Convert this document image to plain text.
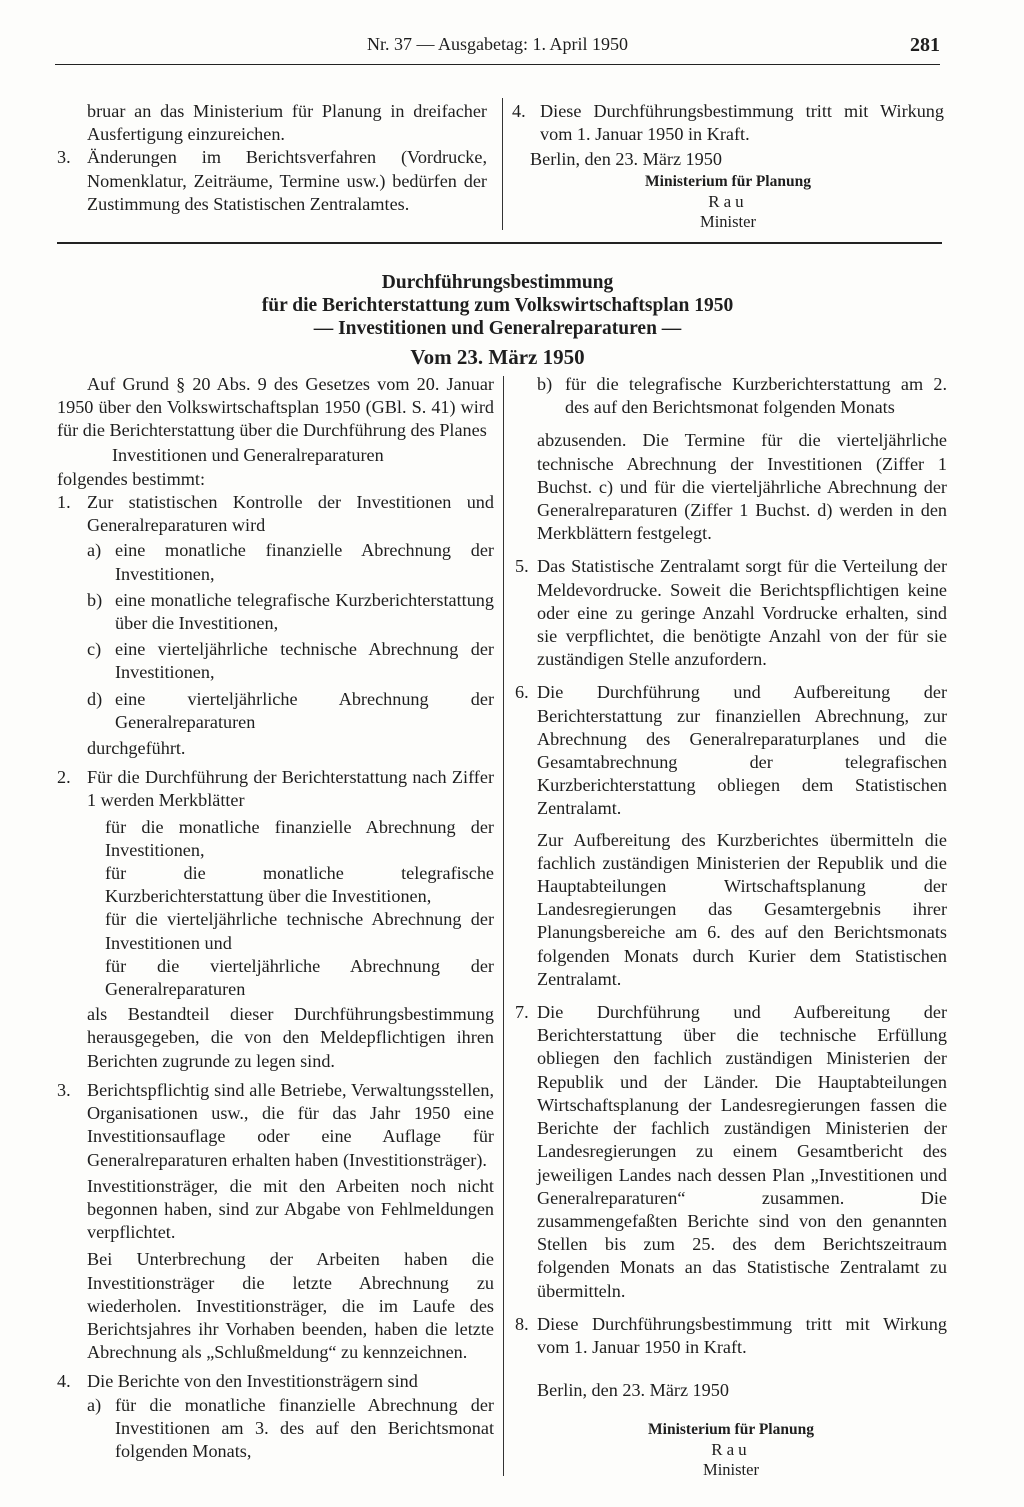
Nr. 37 — Ausgabetag: 1. April 1950	281

bruar an das Ministerium für Planung in dreifacher Ausfertigung einzureichen.

3. Änderungen im Berichtsverfahren (Vordrucke, Nomenklatur, Zeiträume, Termine usw.) bedürfen der Zustimmung des Statistischen Zentralamtes.
4. Diese Durchführungsbestimmung tritt mit Wirkung vom 1. Januar 1950 in Kraft.

Berlin, den 23. März 1950

Ministerium für Planung
Rau
Minister
Durchführungsbestimmung
für die Berichterstattung zum Volkswirtschaftsplan 1950
— Investitionen und Generalreparaturen —
Vom 23. März 1950

Auf Grund § 20 Abs. 9 des Gesetzes vom 20. Januar 1950 über den Volkswirtschaftsplan 1950 (GBl. S. 41) wird für die Berichterstattung über die Durchführung des Planes

Investitionen und Generalreparaturen

folgendes bestimmt:

1. Zur statistischen Kontrolle der Investitionen und Generalreparaturen wird
a) eine monatliche finanzielle Abrechnung der Investitionen,
b) eine monatliche telegrafische Kurzberichterstattung über die Investitionen,
c) eine vierteljährliche technische Abrechnung der Investitionen,
d) eine vierteljährliche Abrechnung der Generalreparaturen

durchgeführt.

2. Für die Durchführung der Berichterstattung nach Ziffer 1 werden Merkblätter

für die monatliche finanzielle Abrechnung der Investitionen,

für die monatliche telegrafische Kurzberichterstattung über die Investitionen,

für die vierteljährliche technische Abrechnung der Investitionen und

für die vierteljährliche Abrechnung der Generalreparaturen

als Bestandteil dieser Durchführungsbestimmung herausgegeben, die von den Meldepflichtigen ihren Berichten zugrunde zu legen sind.

3. Berichtspflichtig sind alle Betriebe, Verwaltungsstellen, Organisationen usw., die für das Jahr 1950 eine Investitionsauflage oder eine Auflage für Generalreparaturen erhalten haben (Investitionsträger).

Investitionsträger, die mit den Arbeiten noch nicht begonnen haben, sind zur Abgabe von Fehlmeldungen verpflichtet.

Bei Unterbrechung der Arbeiten haben die Investitionsträger die letzte Abrechnung zu wiederholen. Investitionsträger, die im Laufe des Berichtsjahres ihr Vorhaben beenden, haben die letzte Abrechnung als „Schlußmeldung“ zu kennzeichnen.

4. Die Berichte von den Investitionsträgern sind
a) für die monatliche finanzielle Abrechnung der Investitionen am 3. des auf den Berichtsmonat folgenden Monats,
b) für die telegrafische Kurzberichterstattung am 2. des auf den Berichtsmonat folgenden Monats

abzusenden. Die Termine für die vierteljährliche technische Abrechnung der Investitionen (Ziffer 1 Buchst. c) und für die vierteljährliche Abrechnung der Generalreparaturen (Ziffer 1 Buchst. d) werden in den Merkblättern festgelegt.

5. Das Statistische Zentralamt sorgt für die Verteilung der Meldevordrucke. Soweit die Berichtspflichtigen keine oder eine zu geringe Anzahl Vordrucke erhalten, sind sie verpflichtet, die benötigte Anzahl von der für sie zuständigen Stelle anzufordern.
6. Die Durchführung und Aufbereitung der Berichterstattung zur finanziellen Abrechnung, zur Abrechnung des Generalreparaturplanes und die Gesamtabrechnung der telegrafischen Kurzberichterstattung obliegen dem Statistischen Zentralamt.

Zur Aufbereitung des Kurzberichtes übermitteln die fachlich zuständigen Ministerien der Republik und die Hauptabteilungen Wirtschaftsplanung der Landesregierungen das Gesamtergebnis ihrer Planungsbereiche am 6. des auf den Berichtsmonats folgenden Monats durch Kurier dem Statistischen Zentralamt.

7. Die Durchführung und Aufbereitung der Berichterstattung über die technische Erfüllung obliegen den fachlich zuständigen Ministerien der Republik und der Länder. Die Hauptabteilungen Wirtschaftsplanung der Landesregierungen fassen die Berichte der fachlich zuständigen Ministerien der Landesregierungen zu einem Gesamtbericht des jeweiligen Landes nach dessen Plan „Investitionen und Generalreparaturen“ zusammen. Die zusammengefaßten Berichte sind von den genannten Stellen bis zum 25. des dem Berichtszeitraum folgenden Monats an das Statistische Zentralamt zu übermitteln.
8. Diese Durchführungsbestimmung tritt mit Wirkung vom 1. Januar 1950 in Kraft.

Berlin, den 23. März 1950

Ministerium für Planung
Rau
Minister
